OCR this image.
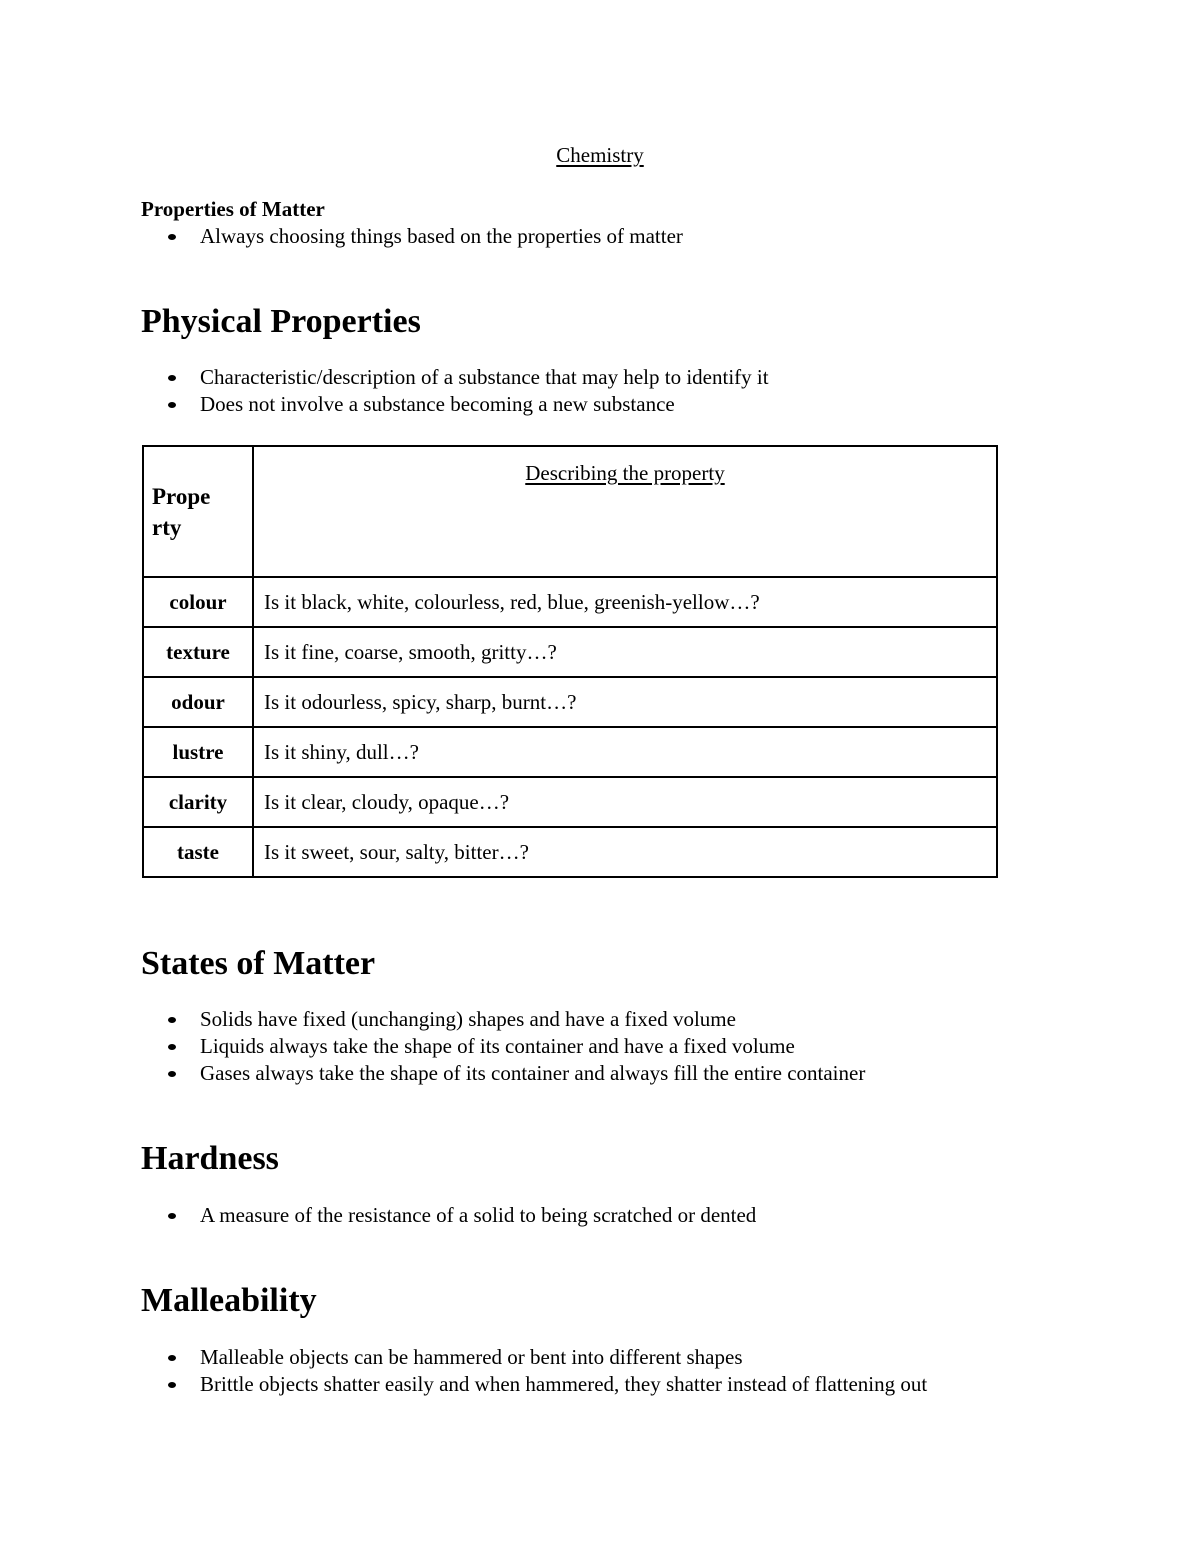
Chemistry
Properties of Matter
Always choosing things based on the properties of matter
Physical Properties
Characteristic/description of a substance that may help to identify it
Does not involve a substance becoming a new substance
Prope rty	Describing the property
colour	Is it black, white, colourless, red, blue, greenish-yellow…?
texture	Is it fine, coarse, smooth, gritty…?
odour	Is it odourless, spicy, sharp, burnt…?
lustre	Is it shiny, dull…?
clarity	Is it clear, cloudy, opaque…?
taste	Is it sweet, sour, salty, bitter…?
States of Matter
Solids have fixed (unchanging) shapes and have a fixed volume
Liquids always take the shape of its container and have a fixed volume
Gases always take the shape of its container and always fill the entire container
Hardness
A measure of the resistance of a solid to being scratched or dented
Malleability
Malleable objects can be hammered or bent into different shapes
Brittle objects shatter easily and when hammered, they shatter instead of flattening out
